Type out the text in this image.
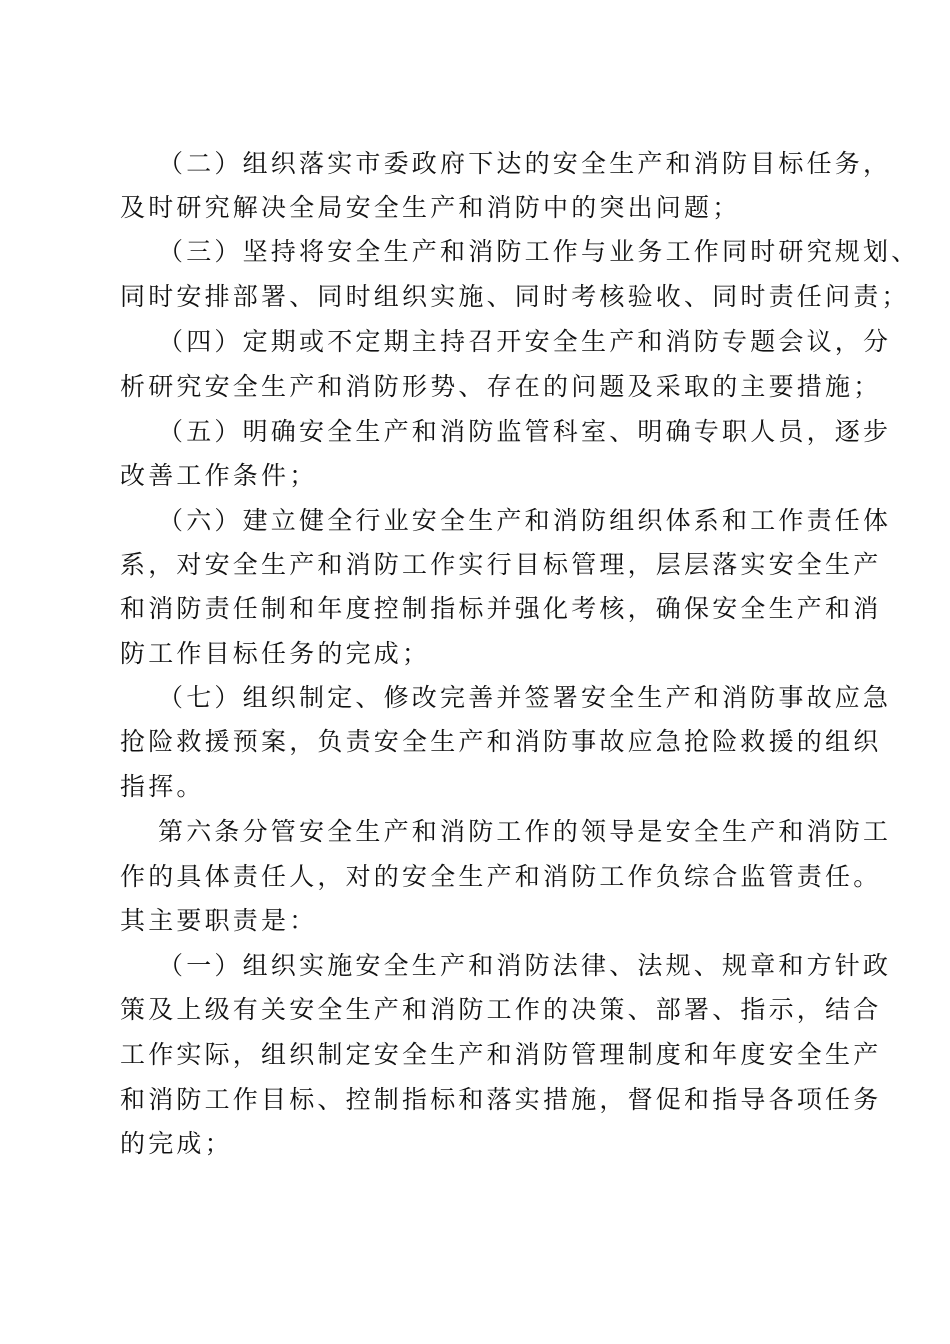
（二）组织落实市委政府下达的安全生产和消防目标任务，
及时研究解决全局安全生产和消防中的突出问题；
（三）坚持将安全生产和消防工作与业务工作同时研究规划、
同时安排部署、同时组织实施、同时考核验收、同时责任问责；
（四）定期或不定期主持召开安全生产和消防专题会议，分
析研究安全生产和消防形势、存在的问题及采取的主要措施；
（五）明确安全生产和消防监管科室、明确专职人员，逐步
改善工作条件；
（六）建立健全行业安全生产和消防组织体系和工作责任体
系，对安全生产和消防工作实行目标管理，层层落实安全生产
和消防责任制和年度控制指标并强化考核，确保安全生产和消
防工作目标任务的完成；
（七）组织制定、修改完善并签署安全生产和消防事故应急
抢险救援预案，负责安全生产和消防事故应急抢险救援的组织
指挥。
第六条分管安全生产和消防工作的领导是安全生产和消防工
作的具体责任人，对的安全生产和消防工作负综合监管责任。
其主要职责是：
（一）组织实施安全生产和消防法律、法规、规章和方针政
策及上级有关安全生产和消防工作的决策、部署、指示，结合
工作实际，组织制定安全生产和消防管理制度和年度安全生产
和消防工作目标、控制指标和落实措施，督促和指导各项任务
的完成；
